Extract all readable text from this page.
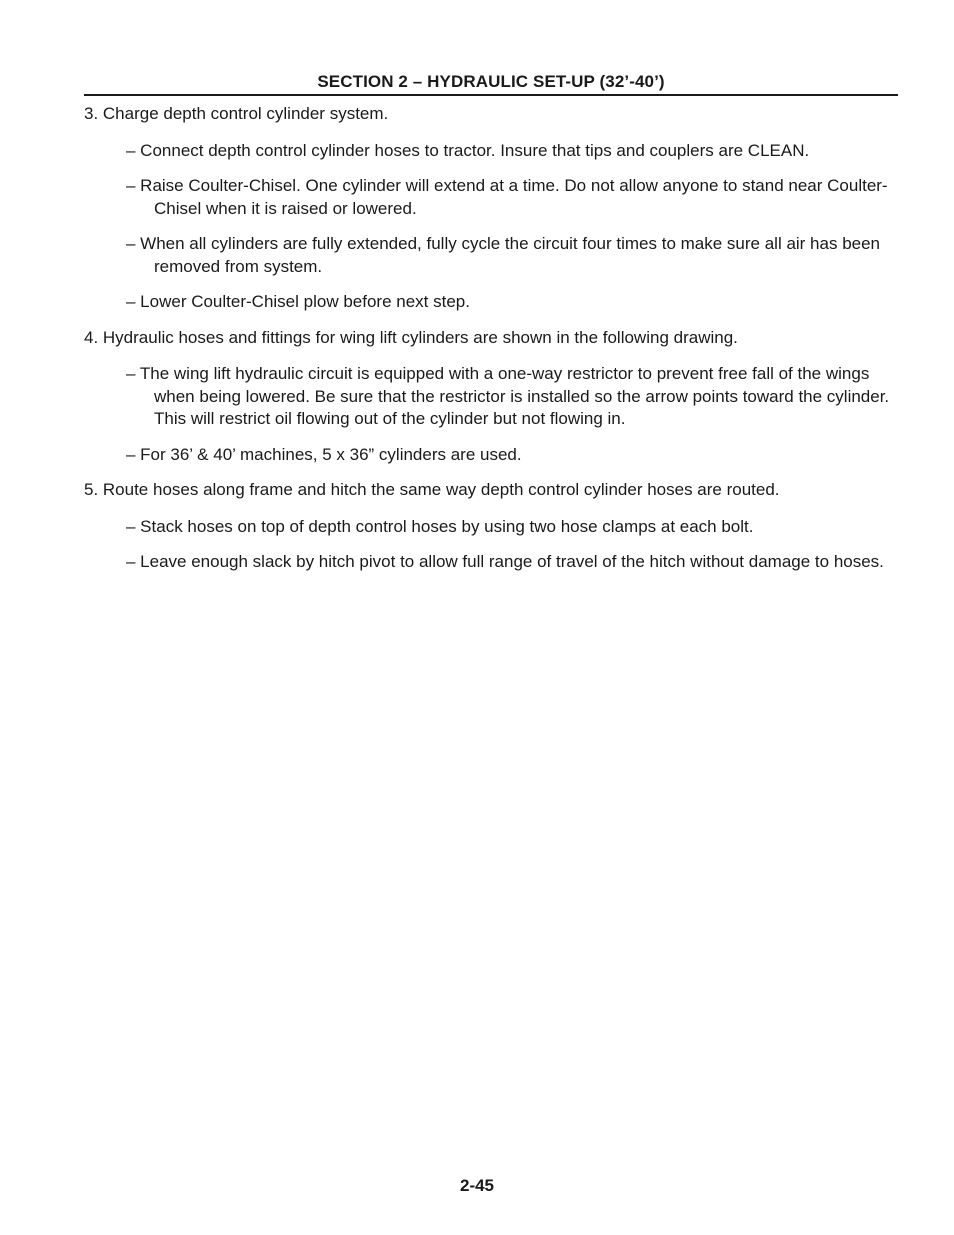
SECTION 2 – HYDRAULIC SET-UP (32’-40’)

3. Charge depth control cylinder system.

– Connect depth control cylinder hoses to tractor. Insure that tips and couplers are CLEAN.

– Raise Coulter-Chisel. One cylinder will extend at a time. Do not allow anyone to stand near Coulter-Chisel when it is raised or lowered.

– When all cylinders are fully extended, fully cycle the circuit four times to make sure all air has been removed from system.

– Lower Coulter-Chisel plow before next step.

4. Hydraulic hoses and fittings for wing lift cylinders are shown in the following drawing.

– The wing lift hydraulic circuit is equipped with a one-way restrictor to prevent free fall of the wings when being lowered. Be sure that the restrictor is installed so the arrow points toward the cylinder. This will restrict oil flowing out of the cylinder but not flowing in.

– For 36’ & 40’ machines, 5 x 36” cylinders are used.

5. Route hoses along frame and hitch the same way depth control cylinder hoses are routed.

– Stack hoses on top of depth control hoses by using two hose clamps at each bolt.

– Leave enough slack by hitch pivot to allow full range of travel of the hitch without damage to hoses.

2-45
